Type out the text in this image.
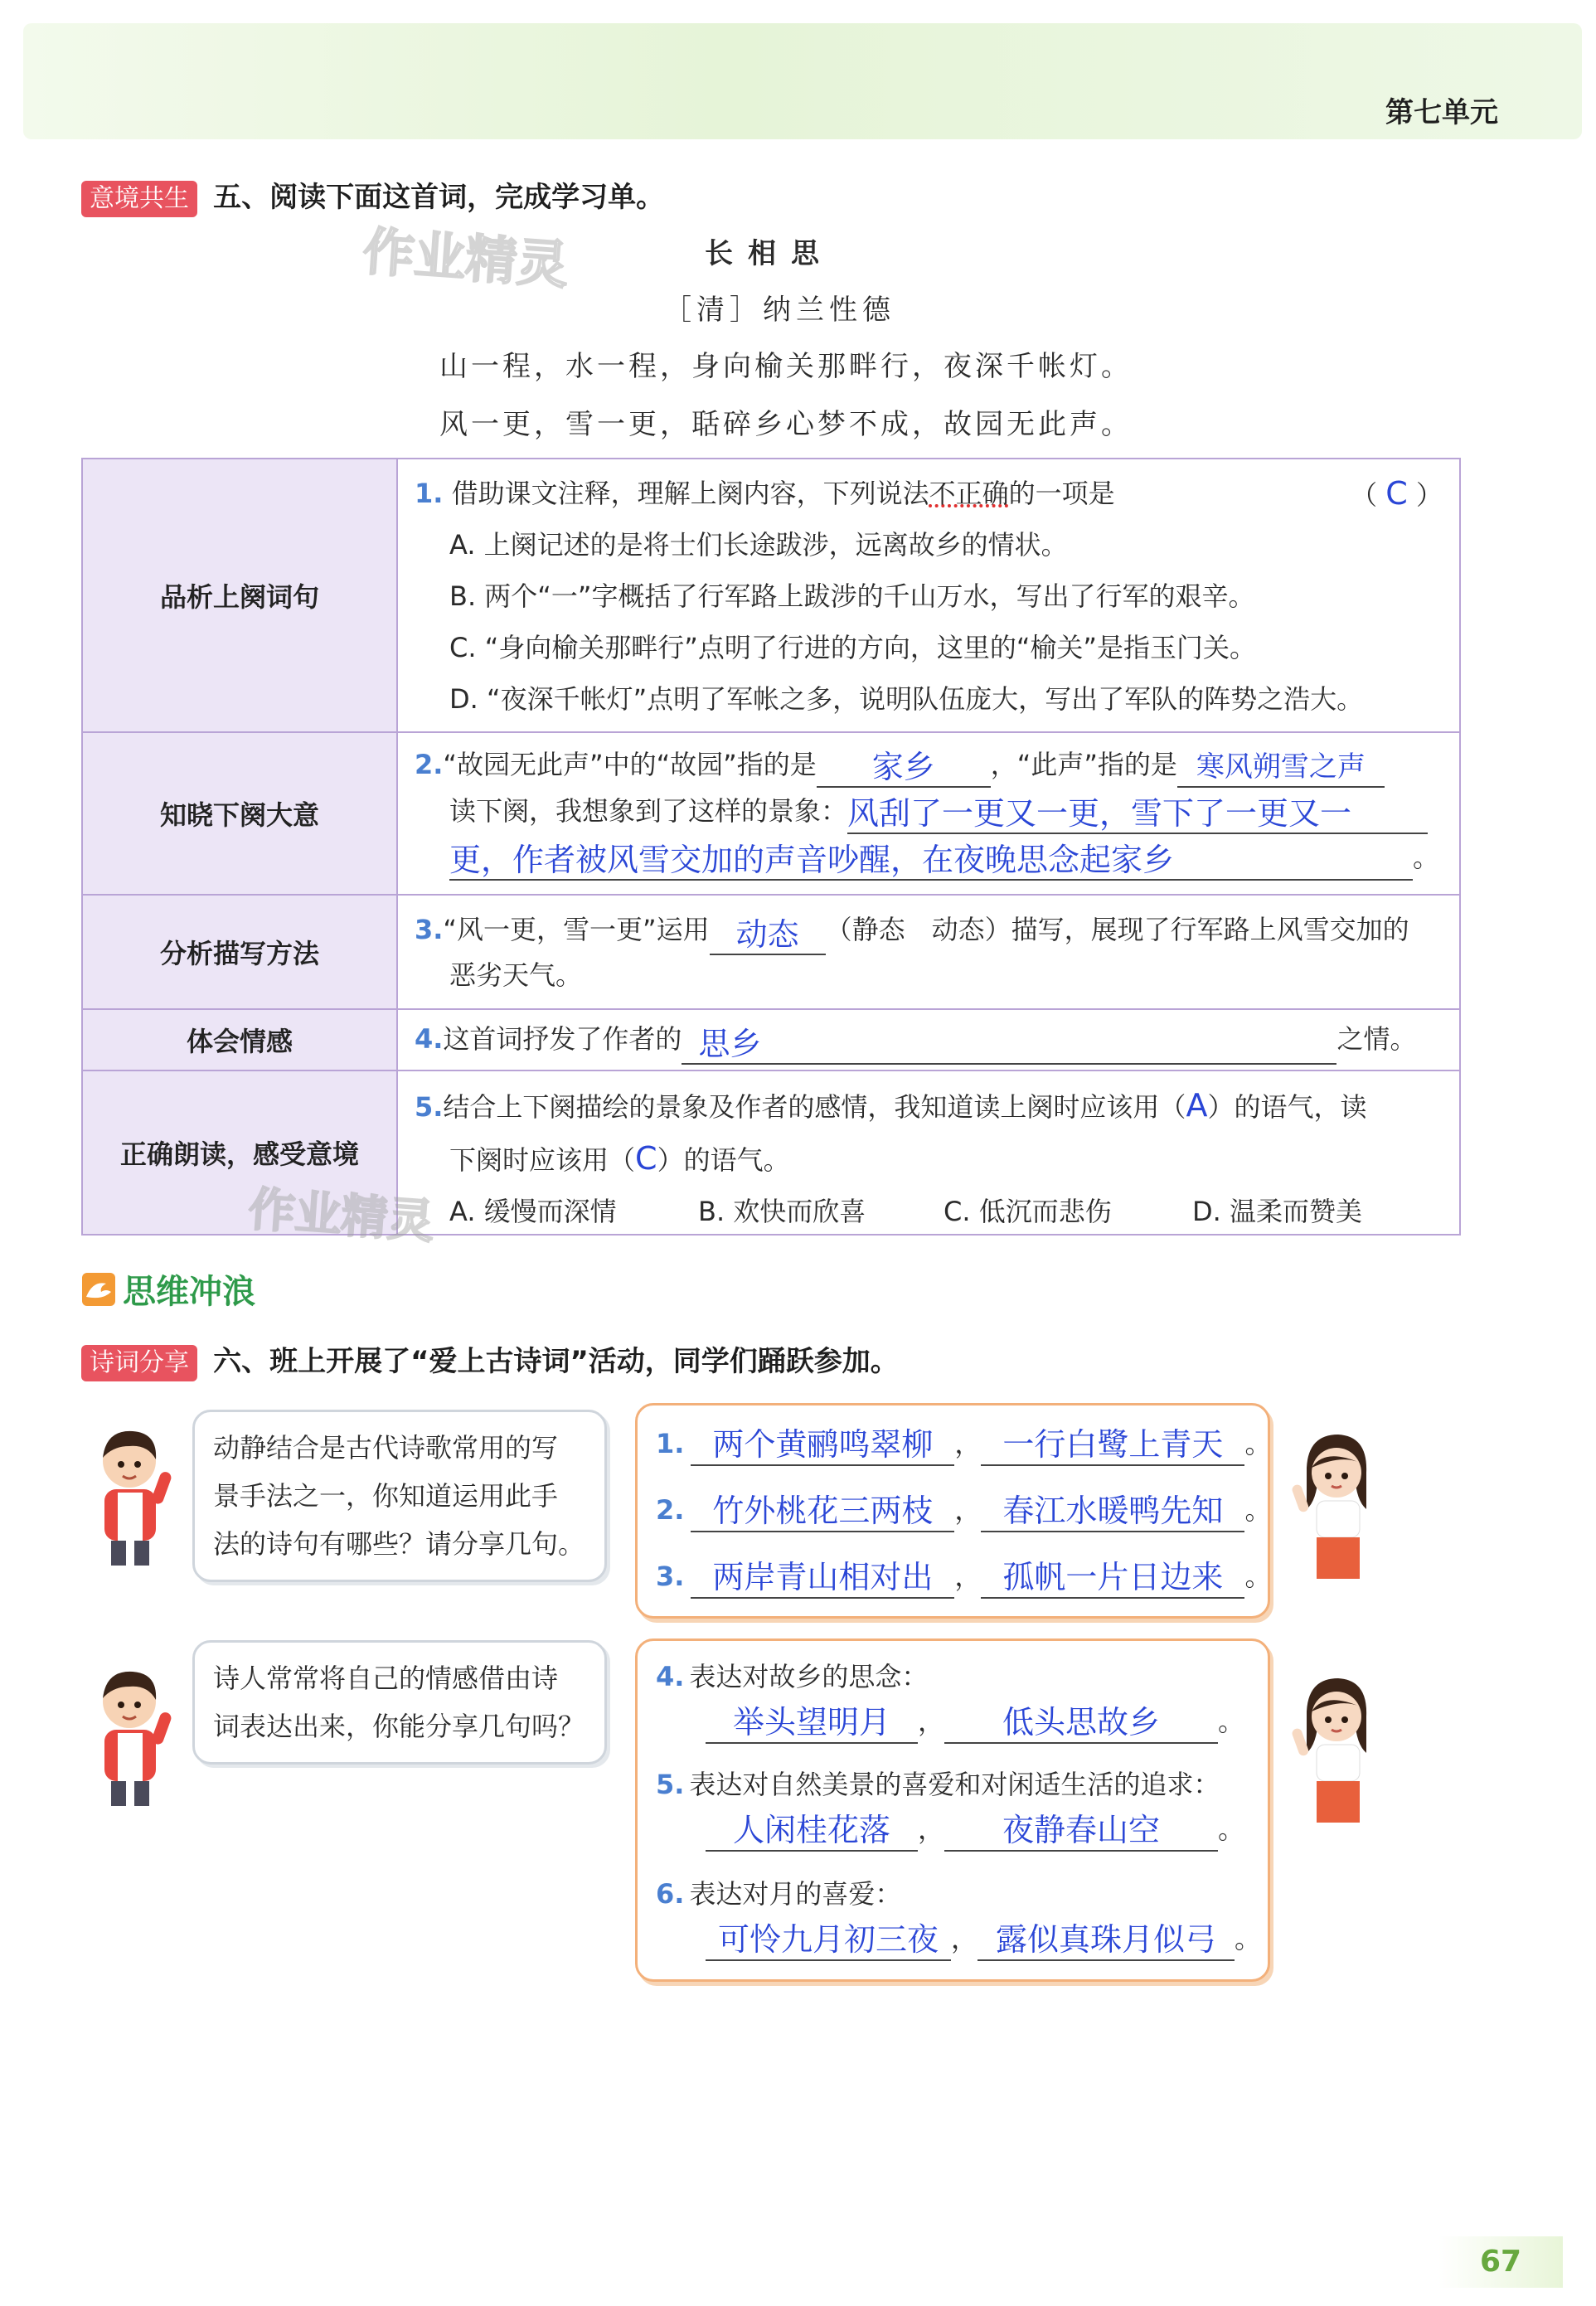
第七单元
意境共生 五、阅读下面这首词，完成学习单。
作业精灵	长相思
［清］纳兰性德
山一程，水一程，身向榆关那畔行，夜深千帐灯。
风一更，雪一更，聒碎乡心梦不成，故园无此声。
品析上阕词句
1. 借助课文注释，理解上阕内容，下列说法不正确的一项是	（ C ）
A. 上阕记述的是将士们长途跋涉，远离故乡的情状。
B. 两个“一”字概括了行军路上跋涉的千山万水，写出了行军的艰辛。
C. “身向榆关那畔行”点明了行进的方向，这里的“榆关”是指玉门关。
D. “夜深千帐灯”点明了军帐之多，说明队伍庞大，写出了军队的阵势之浩大。
知晓下阕大意
2.“故园无此声”中的“故园”指的是 家乡 ，“此声”指的是 寒风朔雪之声
读下阕，我想象到了这样的景象：风刮了一更又一更，雪下了一更又一
更，作者被风雪交加的声音吵醒，在夜晚思念起家乡	。
分析描写方法
3.“风一更，雪一更”运用 动态 （静态　动态）描写，展现了行军路上风雪交加的
恶劣天气。
体会情感	4.这首词抒发了作者的 思乡	之情。
正确朗读，感受意境
5.结合上下阕描绘的景象及作者的感情，我知道读上阕时应该用（A）的语气，读
下阕时应该用（C）的语气。
A. 缓慢而深情	B. 欢快而欣喜	C. 低沉而悲伤	D. 温柔而赞美
作业精灵
思维冲浪
诗词分享 六、班上开展了“爱上古诗词”活动，同学们踊跃参加。
动静结合是古代诗歌常用的写
景手法之一，你知道运用此手
法的诗句有哪些？请分享几句。
1. 两个黄鹂鸣翠柳 ， 一行白鹭上青天 。
2. 竹外桃花三两枝 ， 春江水暖鸭先知 。
3. 两岸青山相对出 ， 孤帆一片日边来 。
诗人常常将自己的情感借由诗
词表达出来，你能分享几句吗？
4. 表达对故乡的思念：
举头望明月 ， 低头思故乡 。
5. 表达对自然美景的喜爱和对闲适生活的追求：
人闲桂花落 ， 夜静春山空 。
6. 表达对月的喜爱：
可怜九月初三夜 ， 露似真珠月似弓 。
67
